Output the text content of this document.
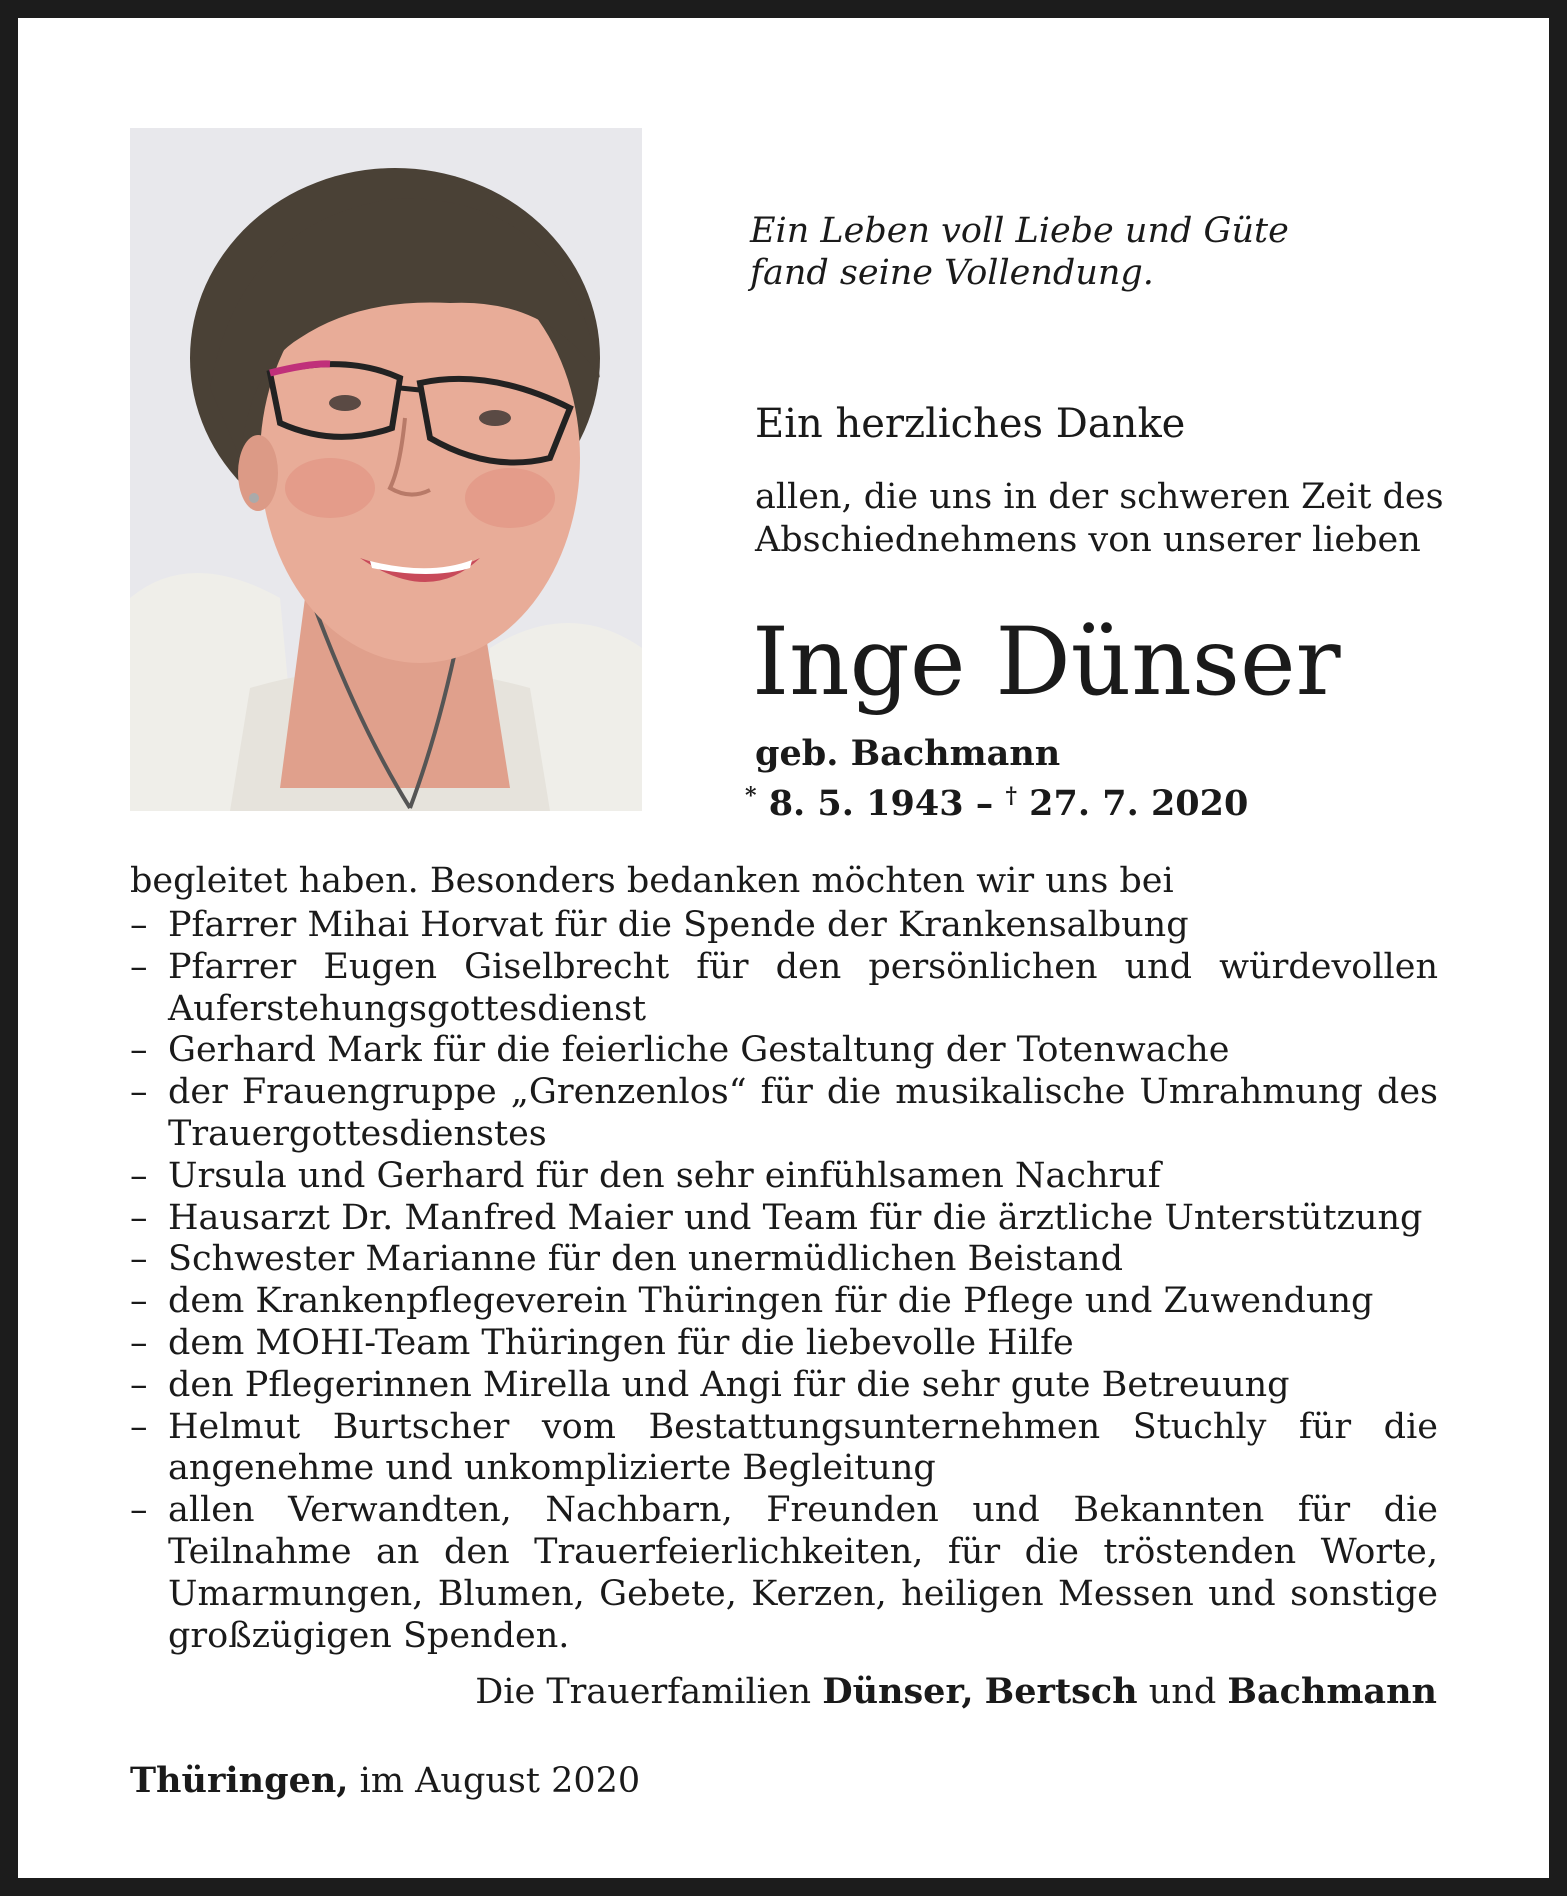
Ein Leben voll Liebe und Güte
fand seine Vollendung.
Ein herzliches Danke
allen, die uns in der schweren Zeit des
Abschiednehmens von unserer lieben
Inge Dünser
geb. Bachmann
* 8. 5. 1943 – † 27. 7. 2020
begleitet haben. Besonders bedanken möchten wir uns bei
– Pfarrer Mihai Horvat für die Spende der Krankensalbung
– Pfarrer Eugen Giselbrecht für den persönlichen und würdevollen Auferstehungsgottesdienst
– Gerhard Mark für die feierliche Gestaltung der Totenwache
– der Frauengruppe „Grenzenlos“ für die musikalische Umrahmung des Trauergottesdienstes
– Ursula und Gerhard für den sehr einfühlsamen Nachruf
– Hausarzt Dr. Manfred Maier und Team für die ärztliche Unterstützung
– Schwester Marianne für den unermüdlichen Beistand
– dem Krankenpflegeverein Thüringen für die Pflege und Zuwendung
– dem MOHI-Team Thüringen für die liebevolle Hilfe
– den Pflegerinnen Mirella und Angi für die sehr gute Betreuung
– Helmut Burtscher vom Bestattungsunternehmen Stuchly für die angenehme und unkomplizierte Begleitung
– allen Verwandten, Nachbarn, Freunden und Bekannten für die Teilnahme an den Trauerfeierlichkeiten, für die tröstenden Worte, Umarmungen, Blumen, Gebete, Kerzen, heiligen Messen und sonstige großzügigen Spenden.
Die Trauerfamilien Dünser, Bertsch und Bachmann
Thüringen, im August 2020
